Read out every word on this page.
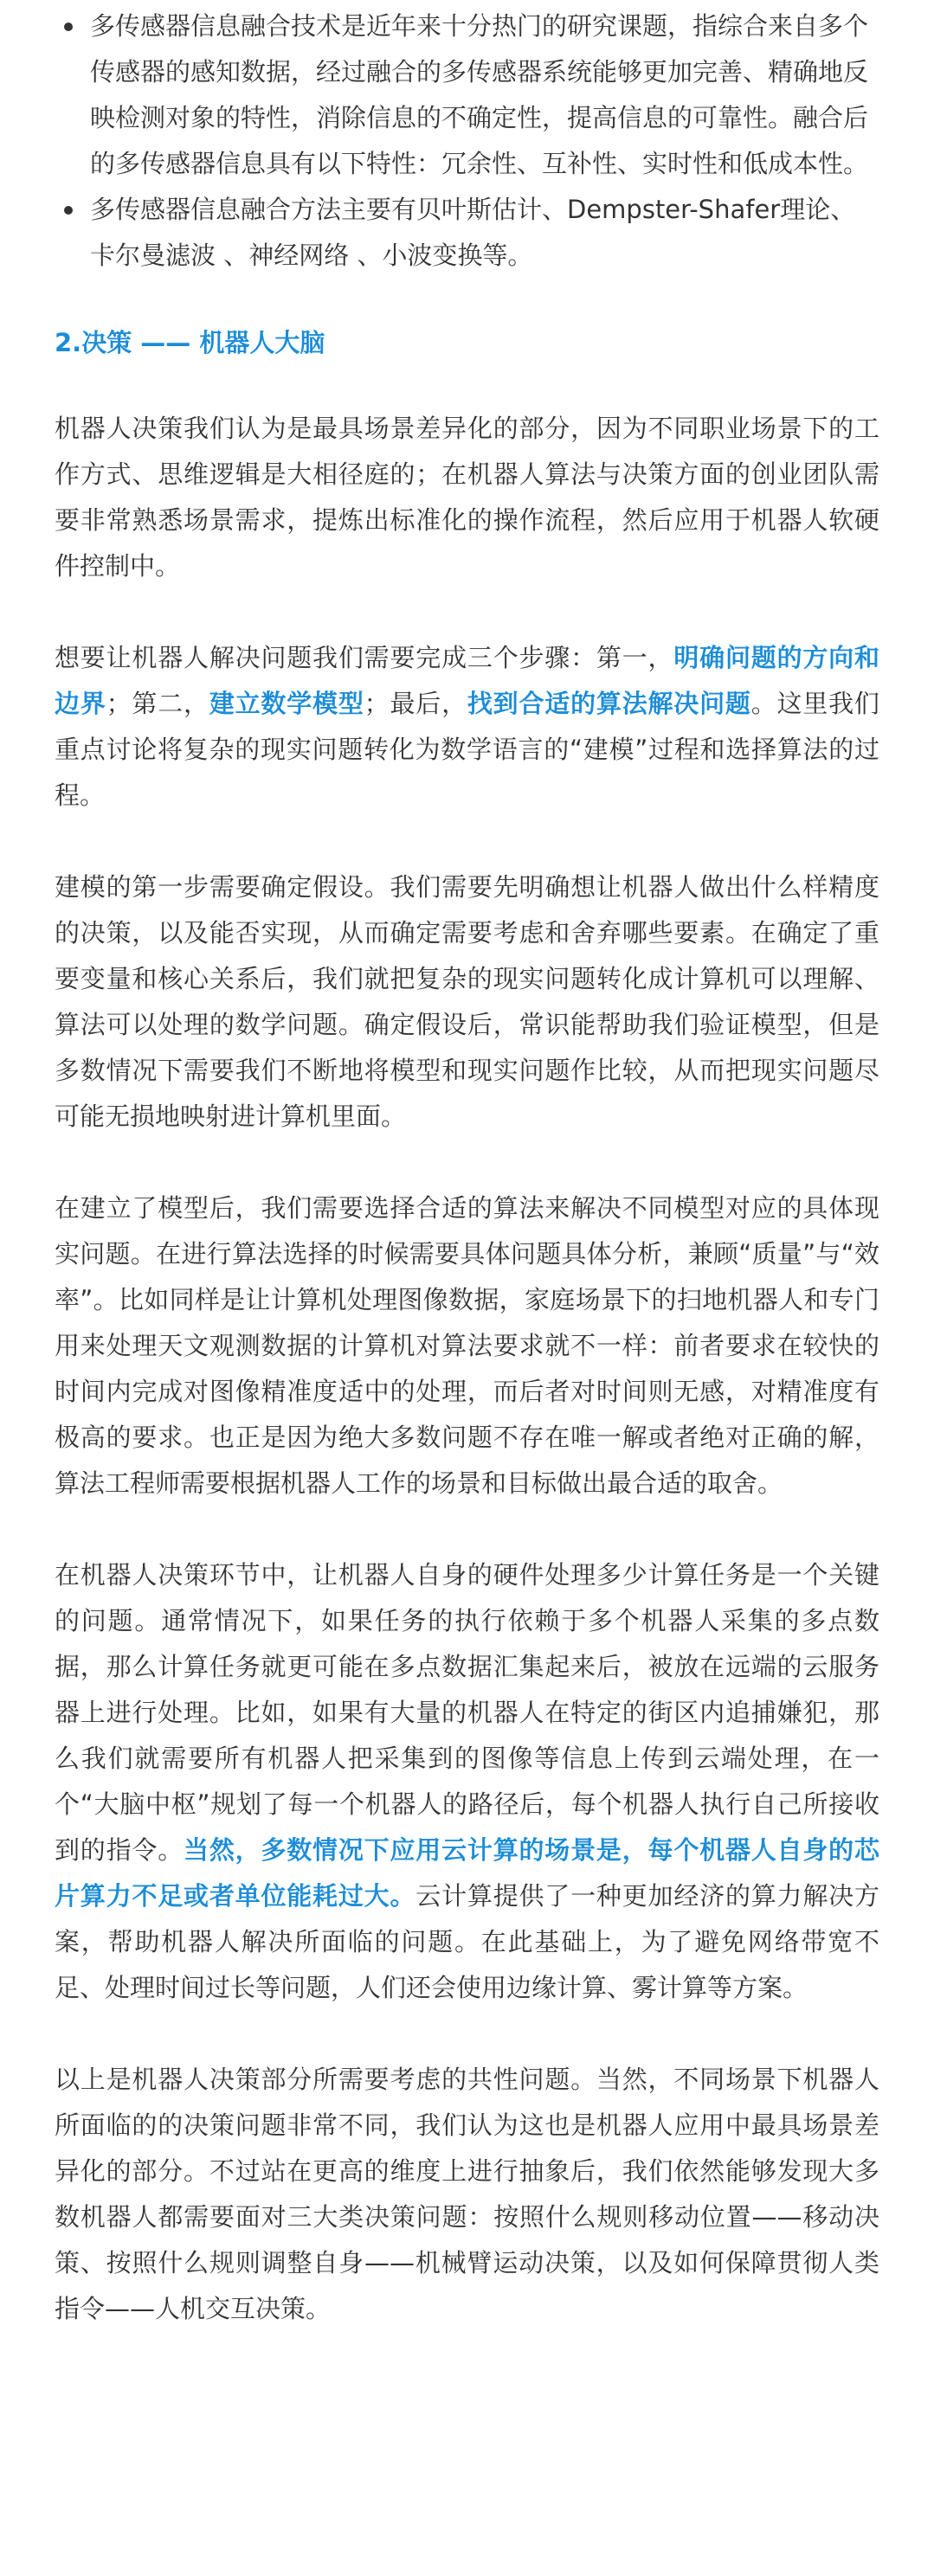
多传感器信息融合技术是近年来十分热门的研究课题，指综合来自多个传感器的感知数据，经过融合的多传感器系统能够更加完善、精确地反映检测对象的特性，消除信息的不确定性，提高信息的可靠性。融合后的多传感器信息具有以下特性：冗余性、互补性、实时性和低成本性。
多传感器信息融合方法主要有贝叶斯估计、Dempster-Shafer理论、卡尔曼滤波 、神经网络 、小波变换等。
2.决策 —— 机器人大脑

机器人决策我们认为是最具场景差异化的部分，因为不同职业场景下的工作方式、思维逻辑是大相径庭的；在机器人算法与决策方面的创业团队需要非常熟悉场景需求，提炼出标准化的操作流程，然后应用于机器人软硬件控制中。

想要让机器人解决问题我们需要完成三个步骤：第一，明确问题的方向和边界；第二，建立数学模型；最后，找到合适的算法解决问题。这里我们重点讨论将复杂的现实问题转化为数学语言的“建模”过程和选择算法的过程。

建模的第一步需要确定假设。我们需要先明确想让机器人做出什么样精度的决策，以及能否实现，从而确定需要考虑和舍弃哪些要素。在确定了重要变量和核心关系后，我们就把复杂的现实问题转化成计算机可以理解、算法可以处理的数学问题。确定假设后，常识能帮助我们验证模型，但是多数情况下需要我们不断地将模型和现实问题作比较，从而把现实问题尽可能无损地映射进计算机里面。

在建立了模型后，我们需要选择合适的算法来解决不同模型对应的具体现实问题。在进行算法选择的时候需要具体问题具体分析，兼顾“质量”与“效率”。比如同样是让计算机处理图像数据，家庭场景下的扫地机器人和专门用来处理天文观测数据的计算机对算法要求就不一样：前者要求在较快的时间内完成对图像精准度适中的处理，而后者对时间则无感，对精准度有极高的要求。也正是因为绝大多数问题不存在唯一解或者绝对正确的解，算法工程师需要根据机器人工作的场景和目标做出最合适的取舍。

在机器人决策环节中，让机器人自身的硬件处理多少计算任务是一个关键的问题。通常情况下，如果任务的执行依赖于多个机器人采集的多点数据，那么计算任务就更可能在多点数据汇集起来后，被放在远端的云服务器上进行处理。比如，如果有大量的机器人在特定的街区内追捕嫌犯，那么我们就需要所有机器人把采集到的图像等信息上传到云端处理，在一个“大脑中枢”规划了每一个机器人的路径后，每个机器人执行自己所接收到的指令。当然，多数情况下应用云计算的场景是，每个机器人自身的芯片算力不足或者单位能耗过大。云计算提供了一种更加经济的算力解决方案，帮助机器人解决所面临的问题。在此基础上，为了避免网络带宽不足、处理时间过长等问题，人们还会使用边缘计算、雾计算等方案。

以上是机器人决策部分所需要考虑的共性问题。当然，不同场景下机器人所面临的的决策问题非常不同，我们认为这也是机器人应用中最具场景差异化的部分。不过站在更高的维度上进行抽象后，我们依然能够发现大多数机器人都需要面对三大类决策问题：按照什么规则移动位置——移动决策、按照什么规则调整自身——机械臂运动决策，以及如何保障贯彻人类指令——人机交互决策。
